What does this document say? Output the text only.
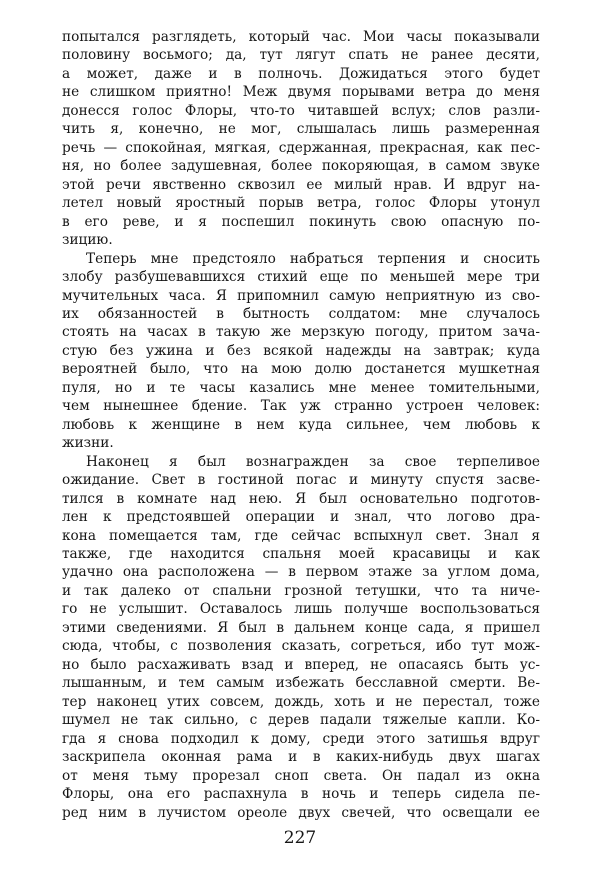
попытался разглядеть, который час. Мои часы показывали
половину восьмого; да, тут лягут спать не ранее десяти,
а может, даже и в полночь. Дожидаться этого будет
не слишком приятно! Меж двумя порывами ветра до меня
донесся голос Флоры, что-то читавшей вслух; слов разли-
чить я, конечно, не мог, слышалась лишь размеренная
речь — спокойная, мягкая, сдержанная, прекрасная, как пес-
ня, но более задушевная, более покоряющая, в самом звуке
этой речи явственно сквозил ее милый нрав. И вдруг на-
летел новый яростный порыв ветра, голос Флоры утонул
в его реве, и я поспешил покинуть свою опасную по-
зицию.
Теперь мне предстояло набраться терпения и сносить
злобу разбушевавшихся стихий еще по меньшей мере три
мучительных часа. Я припомнил самую неприятную из сво-
их обязанностей в бытность солдатом: мне случалось
стоять на часах в такую же мерзкую погоду, притом зача-
стую без ужина и без всякой надежды на завтрак; куда
вероятней было, что на мою долю достанется мушкетная
пуля, но и те часы казались мне менее томительными,
чем нынешнее бдение. Так уж странно устроен человек:
любовь к женщине в нем куда сильнее, чем любовь к
жизни.
Наконец я был вознагражден за свое терпеливое
ожидание. Свет в гостиной погас и минуту спустя засве-
тился в комнате над нею. Я был основательно подготов-
лен к предстоявшей операции и знал, что логово дра-
кона помещается там, где сейчас вспыхнул свет. Знал я
также, где находится спальня моей красавицы и как
удачно она расположена — в первом этаже за углом дома,
и так далеко от спальни грозной тетушки, что та ниче-
го не услышит. Оставалось лишь получше воспользоваться
этими сведениями. Я был в дальнем конце сада, я пришел
сюда, чтобы, с позволения сказать, согреться, ибо тут мож-
но было расхаживать взад и вперед, не опасаясь быть ус-
лышанным, и тем самым избежать бесславной смерти. Ве-
тер наконец утих совсем, дождь, хоть и не перестал, тоже
шумел не так сильно, с дерев падали тяжелые капли. Ко-
гда я снова подходил к дому, среди этого затишья вдруг
заскрипела оконная рама и в каких-нибудь двух шагах
от меня тьму прорезал сноп света. Он падал из окна
Флоры, она его распахнула в ночь и теперь сидела пе-
ред ним в лучистом ореоле двух свечей, что освещали ее
227
